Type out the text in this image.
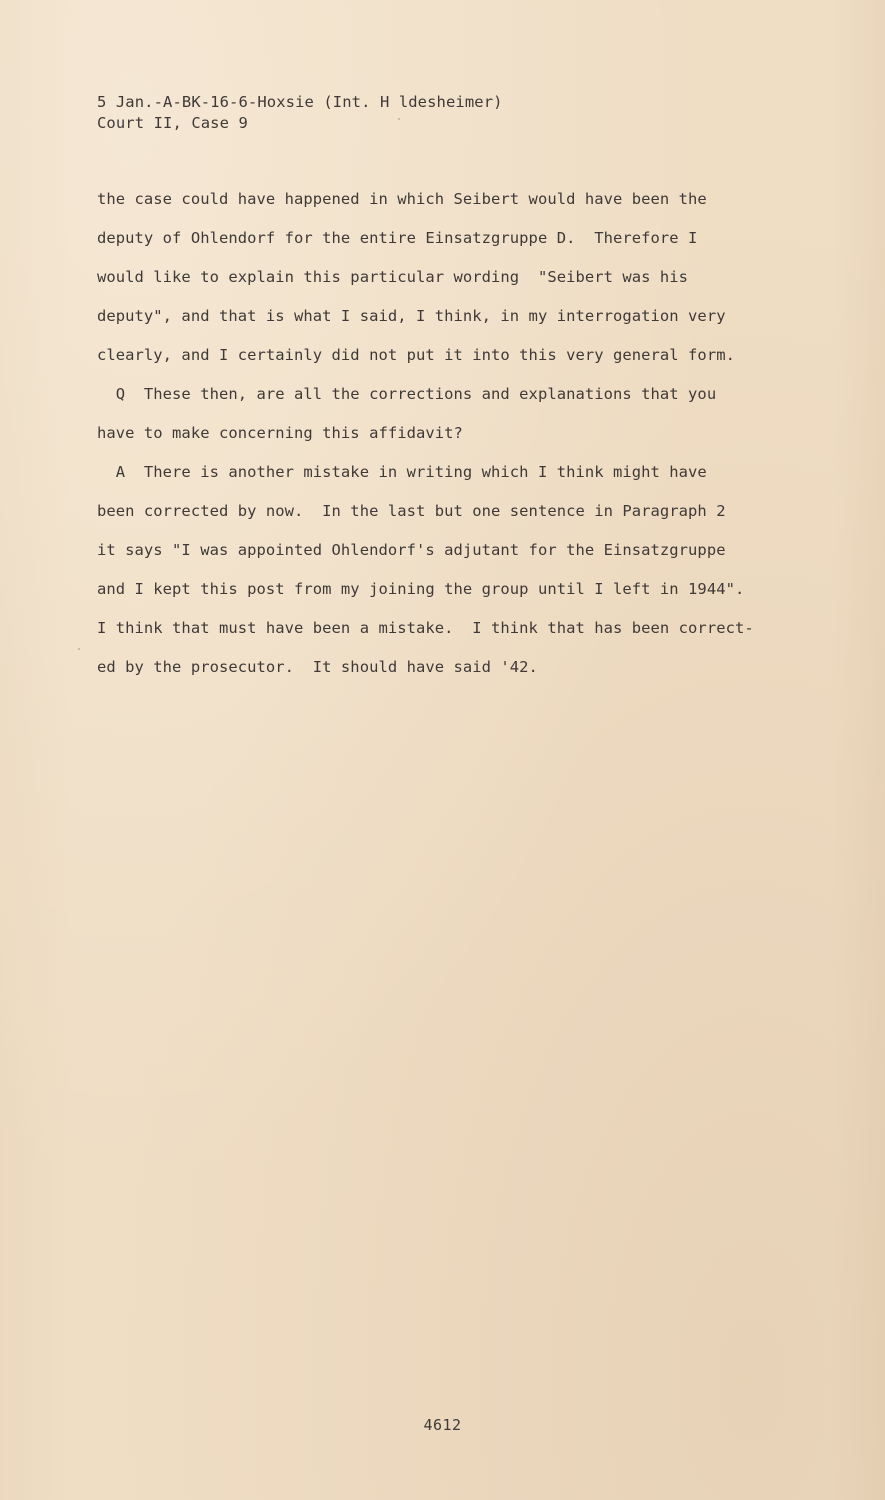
5 Jan.-A-BK-16-6-Hoxsie (Int. H ldesheimer)
Court II, Case 9
the case could have happened in which Seibert would have been the
deputy of Ohlendorf for the entire Einsatzgruppe D.  Therefore I
would like to explain this particular wording  "Seibert was his
deputy", and that is what I said, I think, in my interrogation very
clearly, and I certainly did not put it into this very general form.
Q  These then, are all the corrections and explanations that you
have to make concerning this affidavit?
A  There is another mistake in writing which I think might have
been corrected by now.  In the last but one sentence in Paragraph 2
it says "I was appointed Ohlendorf's adjutant for the Einsatzgruppe
and I kept this post from my joining the group until I left in 1944".
I think that must have been a mistake.  I think that has been correct-
ed by the prosecutor.  It should have said '42.
4612
